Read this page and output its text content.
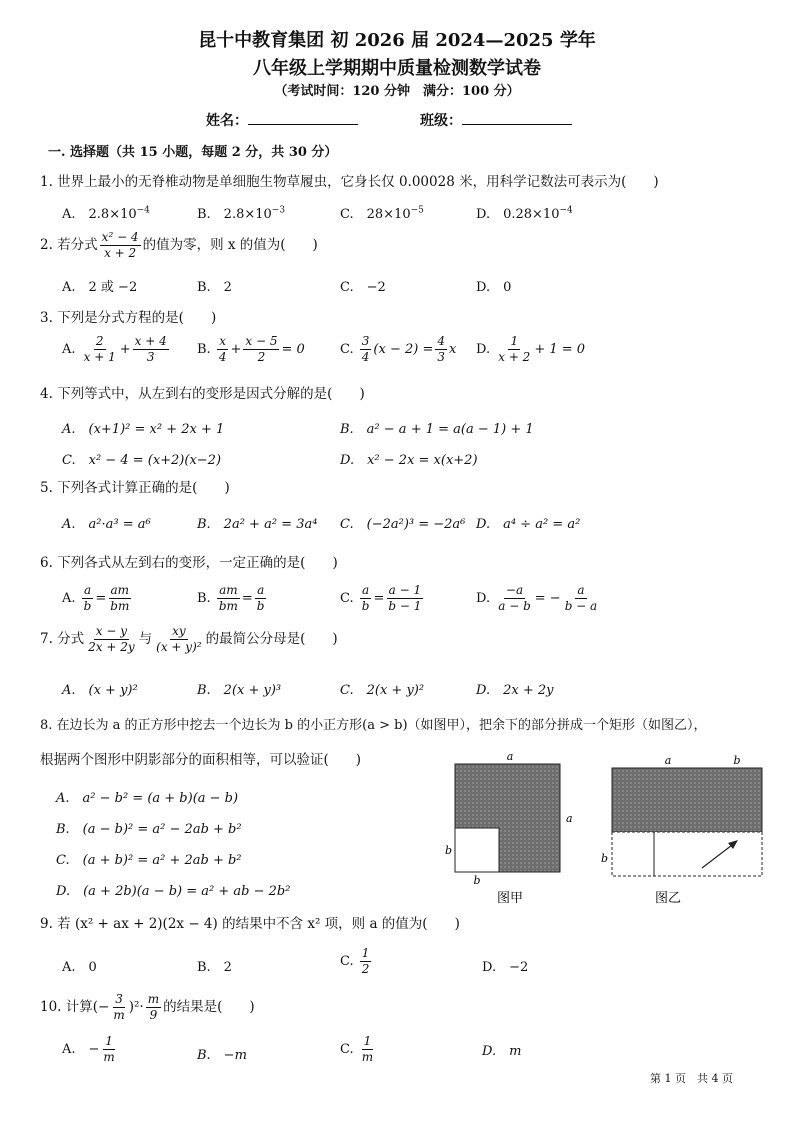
昆十中教育集团 初 2026 届 2024—2025 学年
八年级上学期期中质量检测数学试卷
（考试时间：120 分钟　满分：100 分）
姓名：	班级：
一. 选择题（共 15 小题，每题 2 分，共 30 分）
1. 世界上最小的无脊椎动物是单细胞生物草履虫，它身长仅 0.00028 米，用科学记数法可表示为(　　)
A.　$2.8\times 10^{-4}$	B.　$2.8\times 10^{-3}$	C.　$28\times 10^{-5}$	D.　$0.28\times 10^{-4}$
2. 若分式 $\frac{\text{x² − 4}}{x + 2}$ 的值为零，则 x 的值为(　　)
A.　2 或 −2	B.　2	C.　−2	D.　0
3. 下列是分式方程的是(　　)
A. $\frac{2}{x + 1} + \frac{x + 4}{3} B$. $\frac{x}{4} + \frac{x - 5}{2} = 0$	C. $\frac{3}{4} (x - 2) = \frac{4}{3}$ x D. $\frac{1}{x + 2} + 1 = 0$
4. 下列等式中，从左到右的变形是因式分解的是(　　)
A.　(x+1)² = x² + 2x + 1	B.　a² − a + 1 = a(a − 1) + 1
C.　x² − 4 = (x+2)(x−2)	D.　x² − 2x = x(x+2)
5. 下列各式计算正确的是(　　)
A.　a²·a³ = a⁶	B.　2a² + a² = 3a⁴ C.　(−2a²)³ = −2a⁶ D.　a⁴ ÷ a² = a²
6. 下列各式从左到右的变形，一定正确的是(　　)
A. $\frac{a}{b} = \frac{am}{bm}$	B. $\frac{am}{bm} = \frac{a}{b}$	C. $\frac{a}{b} = \frac{a - 1}{b - 1}$	D. $\frac{-a}{a - b}$ = − $\frac{a}{b - a}$
7. 分式 $\frac{x - y}{2x + 2y}$ 与 $\frac{xy}{\text{(x + y)²}}$ 的最简公分母是(　　)
A.　(x + y)²	B.　2(x + y)³	C.　2(x + y)²	D.　2x + 2y
8. 在边长为 a 的正方形中挖去一个边长为 b 的小正方形(a > b)（如图甲），把余下的部分拼成一个矩形（如图乙），
根据两个图形中阴影部分的面积相等，可以验证(　　)
A.　a² − b² = (a + b)(a − b)
B.　(a − b)² = a² − 2ab + b²
C.　(a + b)² = a² + 2ab + b²
D.　(a + 2b)(a − b) = a² + ab − 2b²
a
a
b
b
图甲
a	b
b
图乙
9. 若 (x² + ax + 2)(2x − 4) 的结果中不含 x² 项，则 a 的值为(　　)
A.　0	B.　2	C. $\frac{1}{2}$	D.　−2
10. 计算(− $\frac{3}{m} )^2\cdot \frac{m}{9}$ 的结果是(　　)
A.　− $\frac{1}{m}$	B.　−m	C. $\frac{1}{m}$	D.　m
第 1 页　共 4 页
